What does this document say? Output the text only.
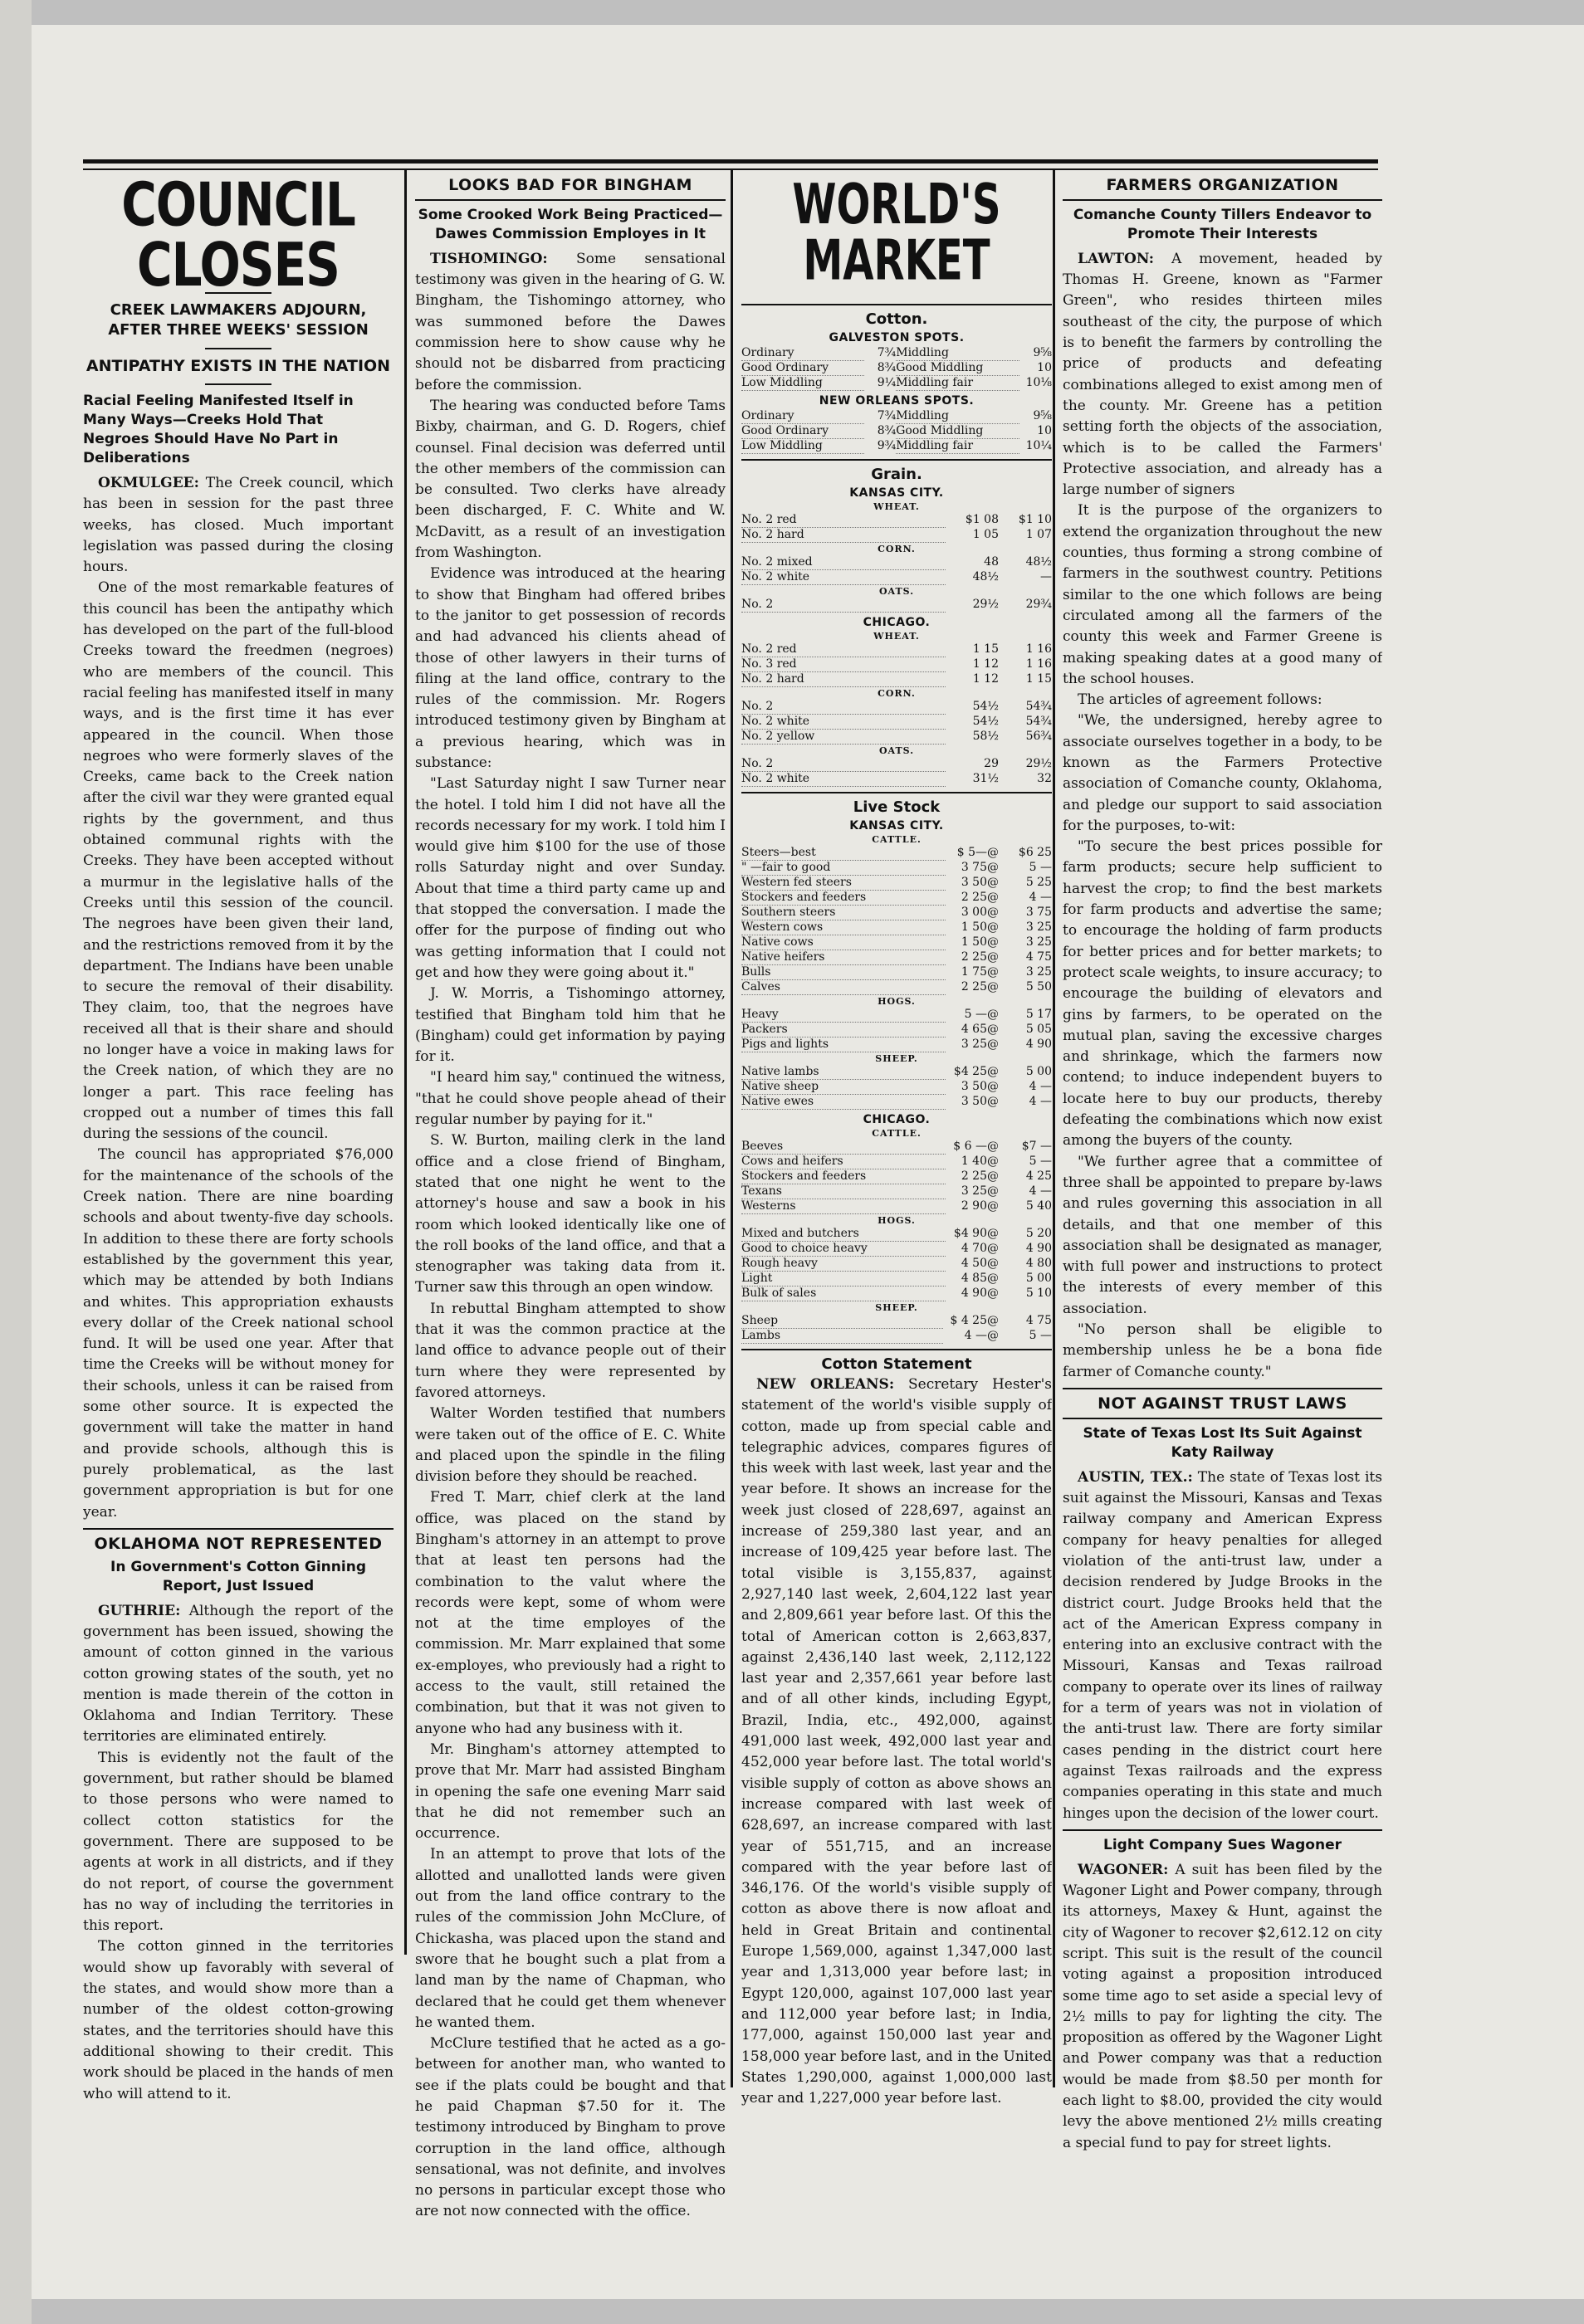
COUNCIL CLOSES
CREEK LAWMAKERS ADJOURN, AFTER THREE WEEKS' SESSION
ANTIPATHY EXISTS IN THE NATION
Racial Feeling Manifested Itself in Many Ways—Creeks Hold That Negroes Should Have No Part in Deliberations

OKMULGEE: The Creek council, which has been in session for the past three weeks, has closed. Much important legislation was passed during the closing hours.

One of the most remarkable features of this council has been the antipathy which has developed on the part of the full-blood Creeks toward the freedmen (negroes) who are members of the council. This racial feeling has manifested itself in many ways, and is the first time it has ever appeared in the council. When those negroes who were formerly slaves of the Creeks, came back to the Creek nation after the civil war they were granted equal rights by the government, and thus obtained communal rights with the Creeks. They have been accepted without a murmur in the legislative halls of the Creeks until this session of the council. The negroes have been given their land, and the restrictions removed from it by the department. The Indians have been unable to secure the removal of their disability. They claim, too, that the negroes have received all that is their share and should no longer have a voice in making laws for the Creek nation, of which they are no longer a part. This race feeling has cropped out a number of times this fall during the sessions of the council.

The council has appropriated $76,000 for the maintenance of the schools of the Creek nation. There are nine boarding schools and about twenty-five day schools. In addition to these there are forty schools established by the government this year, which may be attended by both Indians and whites. This appropriation exhausts every dollar of the Creek national school fund. It will be used one year. After that time the Creeks will be without money for their schools, unless it can be raised from some other source. It is expected the government will take the matter in hand and provide schools, although this is purely problematical, as the last government appropriation is but for one year.

OKLAHOMA NOT REPRESENTED
In Government's Cotton Ginning Report, Just Issued

GUTHRIE: Although the report of the government has been issued, showing the amount of cotton ginned in the various cotton growing states of the south, yet no mention is made therein of the cotton in Oklahoma and Indian Territory. These territories are eliminated entirely.

This is evidently not the fault of the government, but rather should be blamed to those persons who were named to collect cotton statistics for the government. There are supposed to be agents at work in all districts, and if they do not report, of course the government has no way of including the territories in this report.

The cotton ginned in the territories would show up favorably with several of the states, and would show more than a number of the oldest cotton-growing states, and the territories should have this additional showing to their credit. This work should be placed in the hands of men who will attend to it.

LOOKS BAD FOR BINGHAM
Some Crooked Work Being Practiced—Dawes Commission Employes in It

TISHOMINGO: Some sensational testimony was given in the hearing of G. W. Bingham, the Tishomingo attorney, who was summoned before the Dawes commission here to show cause why he should not be disbarred from practicing before the commission.

The hearing was conducted before Tams Bixby, chairman, and G. D. Rogers, chief counsel. Final decision was deferred until the other members of the commission can be consulted. Two clerks have already been discharged, F. C. White and W. McDavitt, as a result of an investigation from Washington.

Evidence was introduced at the hearing to show that Bingham had offered bribes to the janitor to get possession of records and had advanced his clients ahead of those of other lawyers in their turns of filing at the land office, contrary to the rules of the commission. Mr. Rogers introduced testimony given by Bingham at a previous hearing, which was in substance:

"Last Saturday night I saw Turner near the hotel. I told him I did not have all the records necessary for my work. I told him I would give him $100 for the use of those rolls Saturday night and over Sunday. About that time a third party came up and that stopped the conversation. I made the offer for the purpose of finding out who was getting information that I could not get and how they were going about it."

J. W. Morris, a Tishomingo attorney, testified that Bingham told him that he (Bingham) could get information by paying for it.

"I heard him say," continued the witness, "that he could shove people ahead of their regular number by paying for it."

S. W. Burton, mailing clerk in the land office and a close friend of Bingham, stated that one night he went to the attorney's house and saw a book in his room which looked identically like one of the roll books of the land office, and that a stenographer was taking data from it. Turner saw this through an open window.

In rebuttal Bingham attempted to show that it was the common practice at the land office to advance people out of their turn where they were represented by favored attorneys.

Walter Worden testified that numbers were taken out of the office of E. C. White and placed upon the spindle in the filing division before they should be reached.

Fred T. Marr, chief clerk at the land office, was placed on the stand by Bingham's attorney in an attempt to prove that at least ten persons had the combination to the valut where the records were kept, some of whom were not at the time employes of the commission. Mr. Marr explained that some ex-employes, who previously had a right to access to the vault, still retained the combination, but that it was not given to anyone who had any business with it.

Mr. Bingham's attorney attempted to prove that Mr. Marr had assisted Bingham in opening the safe one evening Marr said that he did not remember such an occurrence.

In an attempt to prove that lots of the allotted and unallotted lands were given out from the land office contrary to the rules of the commission John McClure, of Chickasha, was placed upon the stand and swore that he bought such a plat from a land man by the name of Chapman, who declared that he could get them whenever he wanted them.

McClure testified that he acted as a go-between for another man, who wanted to see if the plats could be bought and that he paid Chapman $7.50 for it. The testimony introduced by Bingham to prove corruption in the land office, although sensational, was not definite, and involves no persons in particular except those who are not now connected with the office.

WORLD'S MARKET
Cotton.
GALVESTON SPOTS.
Ordinary	7¾	Middling	9⅝
Good Ordinary	8¾	Good Middling	10
Low Middling	9¼	Middling fair	10⅛
NEW ORLEANS SPOTS.
Ordinary	7¾	Middling	9⅝
Good Ordinary	8¾	Good Middling	10
Low Middling	9¾	Middling fair	10¼
Grain.
KANSAS CITY.
WHEAT.
No. 2 red	$1 08	$1 10
No. 2 hard	1 05	1 07
CORN.
No. 2 mixed	48	48½
No. 2 white	48½	—
OATS.
No. 2	29½	29¾
CHICAGO.
WHEAT.
No. 2 red	1 15	1 16
No. 3 red	1 12	1 16
No. 2 hard	1 12	1 15
CORN.
No. 2	54½	54¾
No. 2 white	54½	54¾
No. 2 yellow	58½	56¾
OATS.
No. 2	29	29½
No. 2 white	31½	32
Live Stock
KANSAS CITY.
CATTLE.
Steers—best	$ 5—@	$6 25
" —fair to good	3 75@	5 —
Western fed steers	3 50@	5 25
Stockers and feeders	2 25@	4 —
Southern steers	3 00@	3 75
Western cows	1 50@	3 25
Native cows	1 50@	3 25
Native heifers	2 25@	4 75
Bulls	1 75@	3 25
Calves	2 25@	5 50
HOGS.
Heavy	5 —@	5 17
Packers	4 65@	5 05
Pigs and lights	3 25@	4 90
SHEEP.
Native lambs	$4 25@	5 00
Native sheep	3 50@	4 —
Native ewes	3 50@	4 —
CHICAGO.
CATTLE.
Beeves	$ 6 —@	$7 —
Cows and heifers	1 40@	5 —
Stockers and feeders	2 25@	4 25
Texans	3 25@	4 —
Westerns	2 90@	5 40
HOGS.
Mixed and butchers	$4 90@	5 20
Good to choice heavy	4 70@	4 90
Rough heavy	4 50@	4 80
Light	4 85@	5 00
Bulk of sales	4 90@	5 10
SHEEP.
Sheep	$ 4 25@	4 75
Lambs	4 —@	5 —
Cotton Statement

NEW ORLEANS: Secretary Hester's statement of the world's visible supply of cotton, made up from special cable and telegraphic advices, compares figures of this week with last week, last year and the year before. It shows an increase for the week just closed of 228,697, against an increase of 259,380 last year, and an increase of 109,425 year before last. The total visible is 3,155,837, against 2,927,140 last week, 2,604,122 last year and 2,809,661 year before last. Of this the total of American cotton is 2,663,837, against 2,436,140 last week, 2,112,122 last year and 2,357,661 year before last and of all other kinds, including Egypt, Brazil, India, etc., 492,000, against 491,000 last week, 492,000 last year and 452,000 year before last. The total world's visible supply of cotton as above shows an increase compared with last week of 628,697, an increase compared with last year of 551,715, and an increase compared with the year before last of 346,176. Of the world's visible supply of cotton as above there is now afloat and held in Great Britain and continental Europe 1,569,000, against 1,347,000 last year and 1,313,000 year before last; in Egypt 120,000, against 107,000 last year and 112,000 year before last; in India, 177,000, against 150,000 last year and 158,000 year before last, and in the United States 1,290,000, against 1,000,000 last year and 1,227,000 year before last.

FARMERS ORGANIZATION
Comanche County Tillers Endeavor to Promote Their Interests

LAWTON: A movement, headed by Thomas H. Greene, known as "Farmer Green", who resides thirteen miles southeast of the city, the purpose of which is to benefit the farmers by controlling the price of products and defeating combinations alleged to exist among men of the county. Mr. Greene has a petition setting forth the objects of the association, which is to be called the Farmers' Protective association, and already has a large number of signers

It is the purpose of the organizers to extend the organization throughout the new counties, thus forming a strong combine of farmers in the southwest country. Petitions similar to the one which follows are being circulated among all the farmers of the county this week and Farmer Greene is making speaking dates at a good many of the school houses.

The articles of agreement follows:

"We, the undersigned, hereby agree to associate ourselves together in a body, to be known as the Farmers Protective association of Comanche county, Oklahoma, and pledge our support to said association for the purposes, to-wit:

"To secure the best prices possible for farm products; secure help sufficient to harvest the crop; to find the best markets for farm products and advertise the same; to encourage the holding of farm products for better prices and for better markets; to protect scale weights, to insure accuracy; to encourage the building of elevators and gins by farmers, to be operated on the mutual plan, saving the excessive charges and shrinkage, which the farmers now contend; to induce independent buyers to locate here to buy our products, thereby defeating the combinations which now exist among the buyers of the county.

"We further agree that a committee of three shall be appointed to prepare by-laws and rules governing this association in all details, and that one member of this association shall be designated as manager, with full power and instructions to protect the interests of every member of this association.

"No person shall be eligible to membership unless he be a bona fide farmer of Comanche county."

NOT AGAINST TRUST LAWS
State of Texas Lost Its Suit Against Katy Railway

AUSTIN, TEX.: The state of Texas lost its suit against the Missouri, Kansas and Texas railway company and American Express company for heavy penalties for alleged violation of the anti-trust law, under a decision rendered by Judge Brooks in the district court. Judge Brooks held that the act of the American Express company in entering into an exclusive contract with the Missouri, Kansas and Texas railroad company to operate over its lines of railway for a term of years was not in violation of the anti-trust law. There are forty similar cases pending in the district court here against Texas railroads and the express companies operating in this state and much hinges upon the decision of the lower court.

Light Company Sues Wagoner

WAGONER: A suit has been filed by the Wagoner Light and Power company, through its attorneys, Maxey & Hunt, against the city of Wagoner to recover $2,612.12 on city script. This suit is the result of the council voting against a proposition introduced some time ago to set aside a special levy of 2½ mills to pay for lighting the city. The proposition as offered by the Wagoner Light and Power company was that a reduction would be made from $8.50 per month for each light to $8.00, provided the city would levy the above mentioned 2½ mills creating a special fund to pay for street lights.
